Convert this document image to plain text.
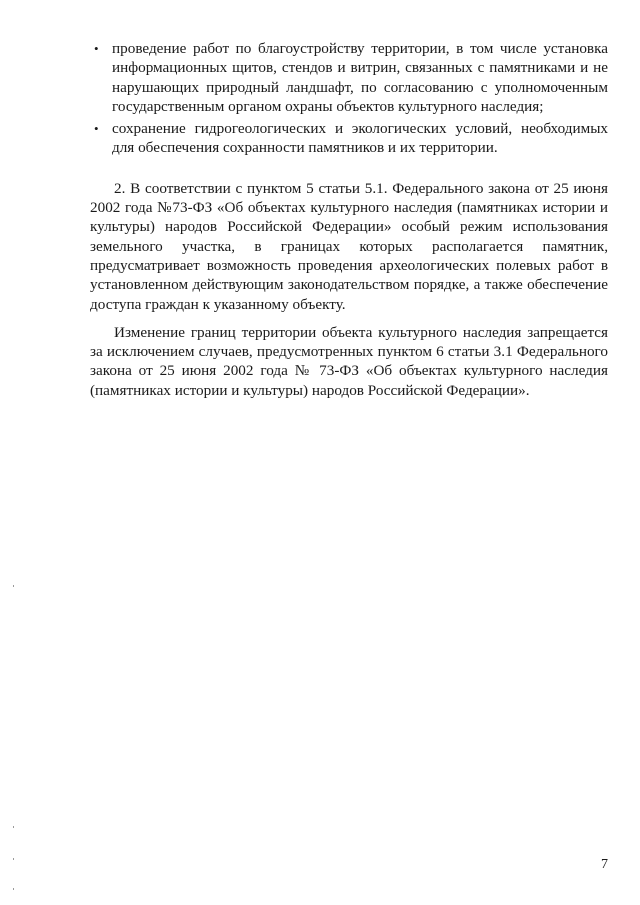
• проведение работ по благоустройству территории, в том числе установка информационных щитов, стендов и витрин, связанных с памятниками и не нарушающих природный ландшафт, по согласованию с уполномоченным государственным органом охраны объектов культурного наследия;
• сохранение гидрогеологических и экологических условий, необходимых для обеспечения сохранности памятников и их территории.

2. В соответствии с пунктом 5 статьи 5.1. Федерального закона от 25 июня 2002 года №73-ФЗ «Об объектах культурного наследия (памятниках истории и культуры) народов Российской Федерации» особый режим использования земельного участка, в границах которых располагается памятник, предусматривает возможность проведения археологических полевых работ в установленном действующим законодательством порядке, а также обеспечение доступа граждан к указанному объекту.

Изменение границ территории объекта культурного наследия запрещается за исключением случаев, предусмотренных пунктом 6 статьи 3.1 Федерального закона от 25 июня 2002 года № 73-ФЗ «Об объектах культурного наследия (памятниках истории и культуры) народов Российской Федерации».

7
